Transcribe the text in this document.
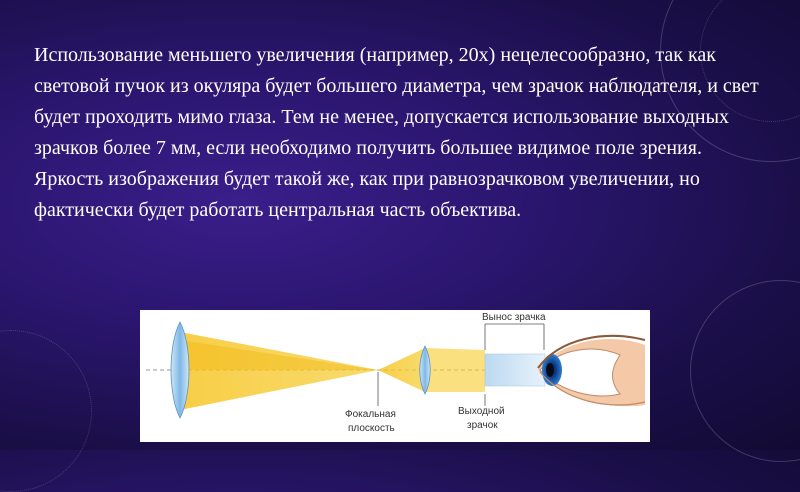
Использование меньшего увеличения (например, 20х) нецелесообразно, так как световой пучок из окуляра будет большего диаметра, чем зрачок наблюдателя, и свет будет проходить мимо глаза. Тем не менее, допускается использование выходных зрачков более 7 мм, если необходимо получить большее видимое поле зрения. Яркость изображения будет такой же, как при равнозрачковом увеличении, но фактически будет работать центральная часть объектива.

Вынос зрачка
Фокальная
плоскость
Выходной
зрачок
